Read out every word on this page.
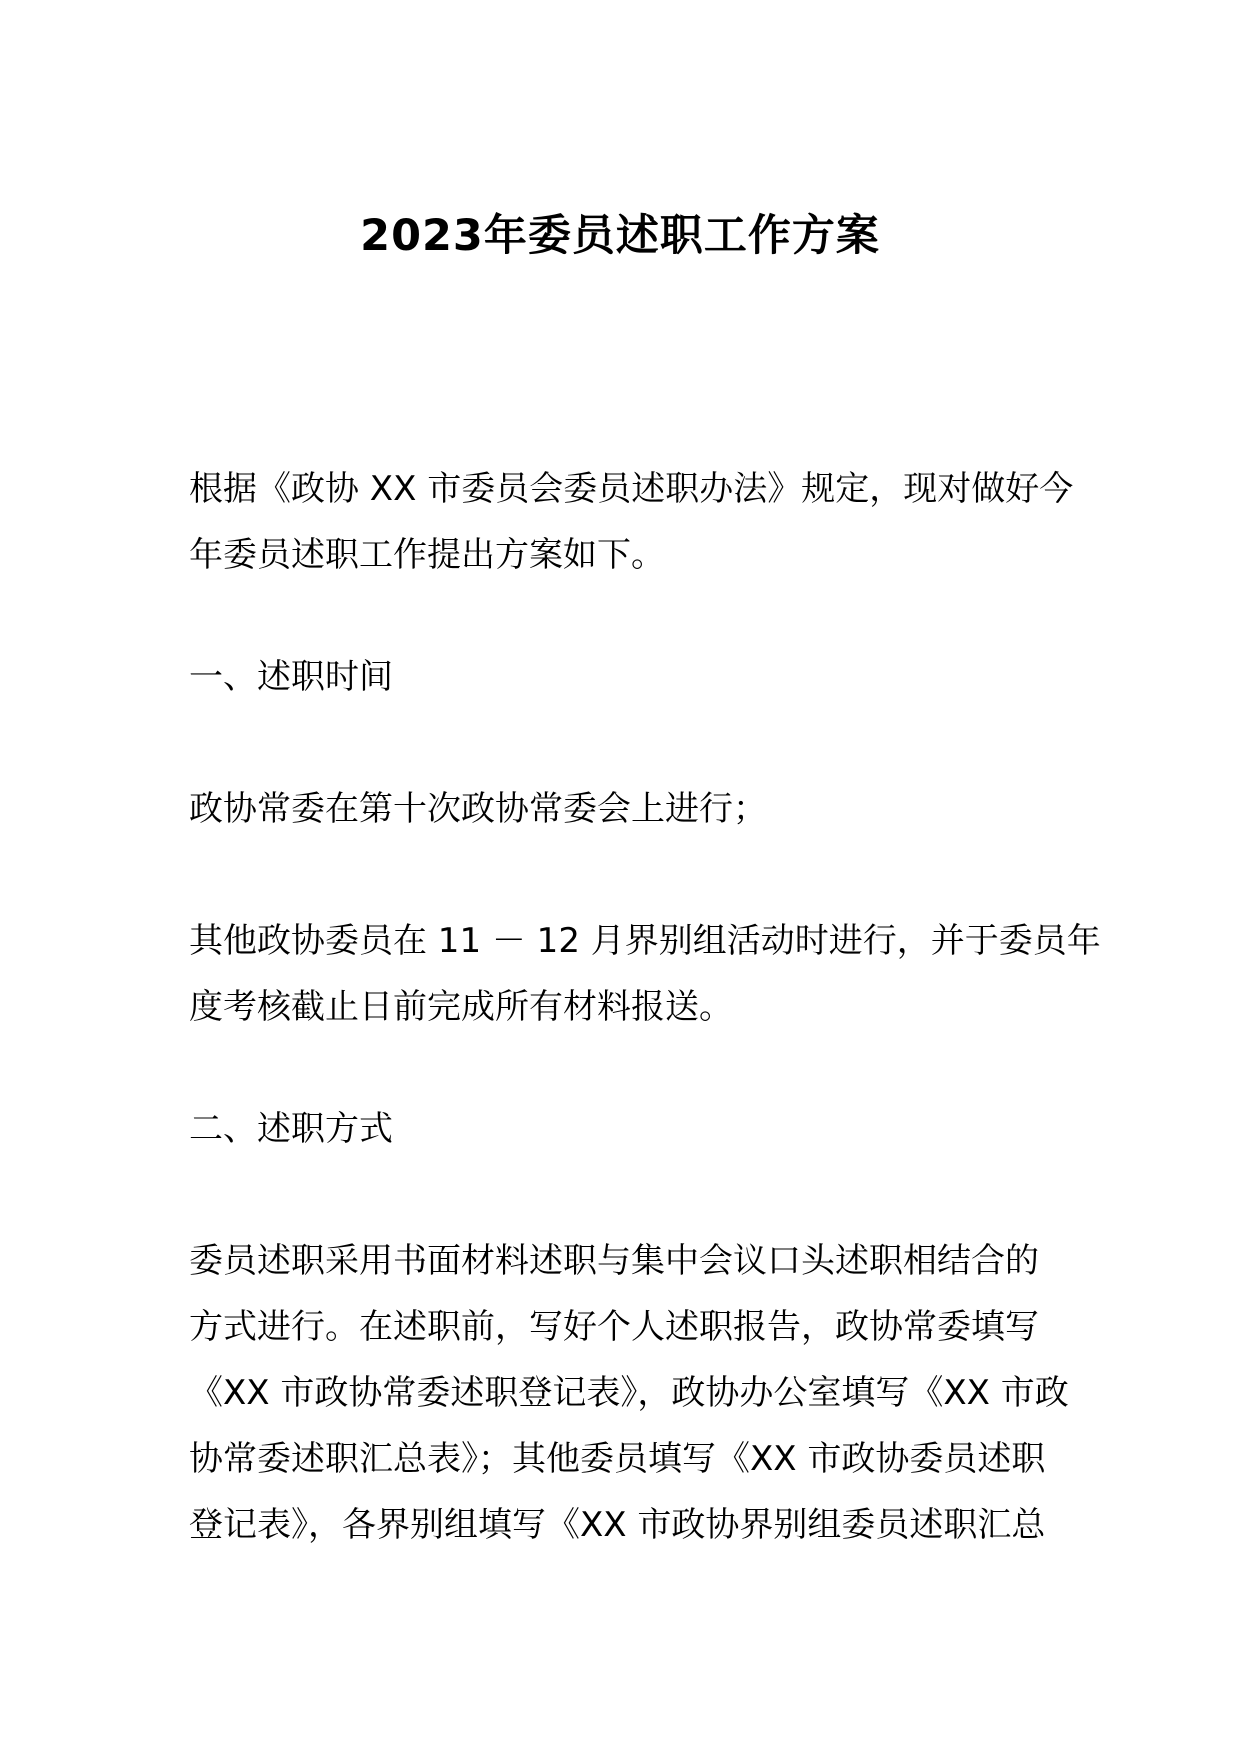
2023年委员述职工作方案
根据《政协 XX 市委员会委员述职办法》规定，现对做好今
年委员述职工作提出方案如下。
一、述职时间
政协常委在第十次政协常委会上进行；
其他政协委员在 11 － 12 月界别组活动时进行，并于委员年
度考核截止日前完成所有材料报送。
二、述职方式
委员述职采用书面材料述职与集中会议口头述职相结合的
方式进行。在述职前，写好个人述职报告，政协常委填写
《XX 市政协常委述职登记表》，政协办公室填写《XX 市政
协常委述职汇总表》；其他委员填写《XX 市政协委员述职
登记表》，各界别组填写《XX 市政协界别组委员述职汇总
